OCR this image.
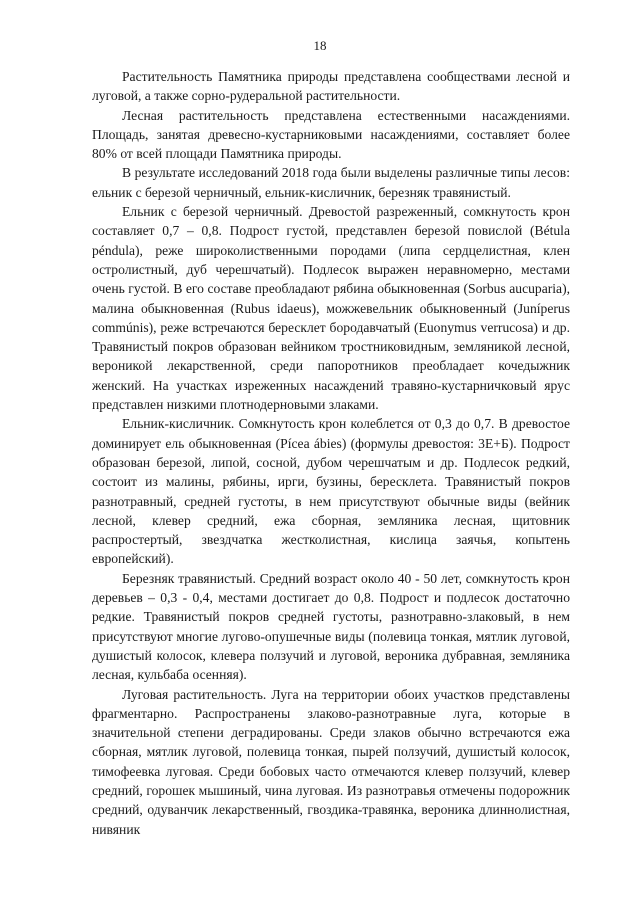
18

Растительность Памятника природы представлена сообществами лесной и луговой, а также сорно-рудеральной растительности.

Лесная растительность представлена естественными насаждениями. Площадь, занятая древесно-кустарниковыми насаждениями, составляет более 80% от всей площади Памятника природы.

В результате исследований 2018 года были выделены различные типы лесов: ельник с березой черничный, ельник-кисличник, березняк травянистый.

Ельник с березой черничный. Древостой разреженный, сомкнутость крон составляет 0,7 – 0,8. Подрост густой, представлен березой повислой (Bétula péndula), реже широколиственными породами (липа сердцелистная, клен остролистный, дуб черешчатый). Подлесок выражен неравномерно, местами очень густой. В его составе преобладают рябина обыкновенная (Sorbus aucuparia), малина обыкновенная (Rubus idaeus), можжевельник обыкновенный (Juníperus commúnis), реже встречаются бересклет бородавчатый (Euonymus verrucosa) и др. Травянистый покров образован вейником тростниковидным, земляникой лесной, вероникой лекарственной, среди папоротников преобладает кочедыжник женский. На участках изреженных насаждений травяно-кустарничковый ярус представлен низкими плотнодерновыми злаками.

Ельник-кисличник. Сомкнутость крон колеблется от 0,3 до 0,7. В древостое доминирует ель обыкновенная (Pícea ábies) (формулы древостоя: 3Е+Б). Подрост образован березой, липой, сосной, дубом черешчатым и др. Подлесок редкий, состоит из малины, рябины, ирги, бузины, бересклета. Травянистый покров разнотравный, средней густоты, в нем присутствуют обычные виды (вейник лесной, клевер средний, ежа сборная, земляника лесная, щитовник распростертый, звездчатка жестколистная, кислица заячья, копытень европейский).

Березняк травянистый. Средний возраст около 40 - 50 лет, сомкнутость крон деревьев – 0,3 - 0,4, местами достигает до 0,8. Подрост и подлесок достаточно редкие. Травянистый покров средней густоты, разнотравно-злаковый, в нем присутствуют многие лугово-опушечные виды (полевица тонкая, мятлик луговой, душистый колосок, клевера ползучий и луговой, вероника дубравная, земляника лесная, кульбаба осенняя).

Луговая растительность. Луга на территории обоих участков представлены фрагментарно. Распространены злаково-разнотравные луга, которые в значительной степени деградированы. Среди злаков обычно встречаются ежа сборная, мятлик луговой, полевица тонкая, пырей ползучий, душистый колосок, тимофеевка луговая. Среди бобовых часто отмечаются клевер ползучий, клевер средний, горошек мышиный, чина луговая. Из разнотравья отмечены подорожник средний, одуванчик лекарственный, гвоздика-травянка, вероника длиннолистная, нивяник
